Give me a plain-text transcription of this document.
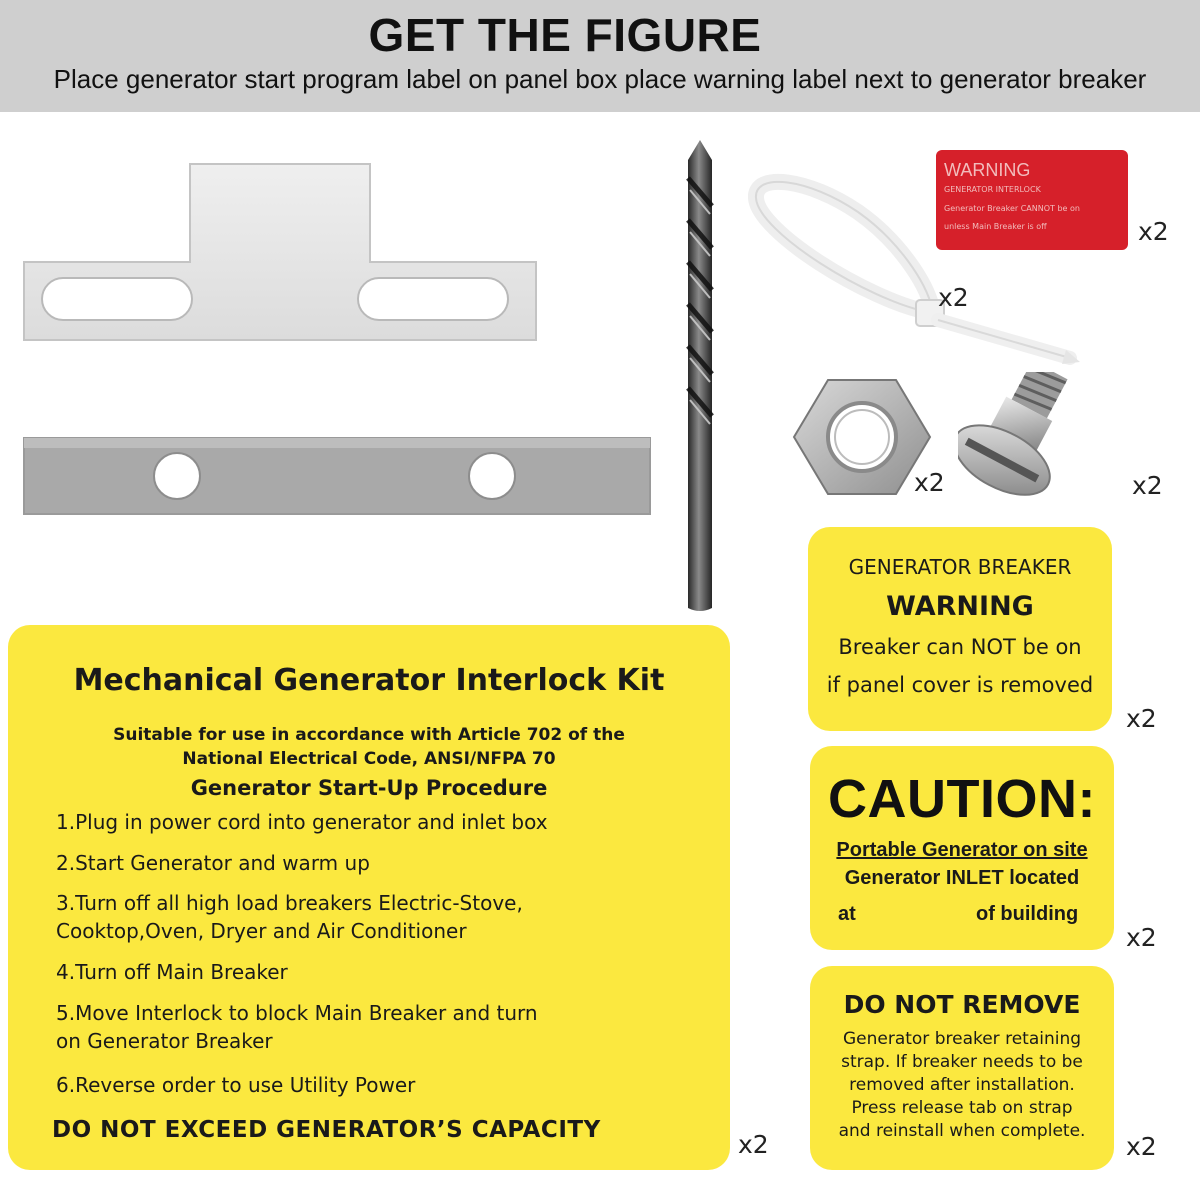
GET THE FIGURE
Place generator start program label on panel box place warning label next to generator breaker
x2
WARNING
GENERATOR INTERLOCK
Generator Breaker CANNOT be on
unless Main Breaker is off	x2
x2	x2
Mechanical Generator Interlock Kit
Suitable for use in accordance with Article 702 of the
National Electrical Code, ANSI/NFPA 70
Generator Start-Up Procedure
1.Plug in power cord into generator and inlet box
2.Start Generator and warm up
3.Turn off all high load breakers Electric-Stove,
Cooktop,Oven, Dryer and Air Conditioner
4.Turn off Main Breaker
5.Move Interlock to block Main Breaker and turn
on Generator Breaker
6.Reverse order to use Utility Power
DO NOT EXCEED GENERATOR’S CAPACITY	x2
GENERATOR BREAKER
WARNING
Breaker can NOT be on
if panel cover is removed
x2
CAUTION:
Portable Generator on site
Generator INLET located
at	of building
x2
DO NOT REMOVE
Generator breaker retaining
strap. If breaker needs to be
removed after installation.
Press release tab on strap
and reinstall when complete.
x2
